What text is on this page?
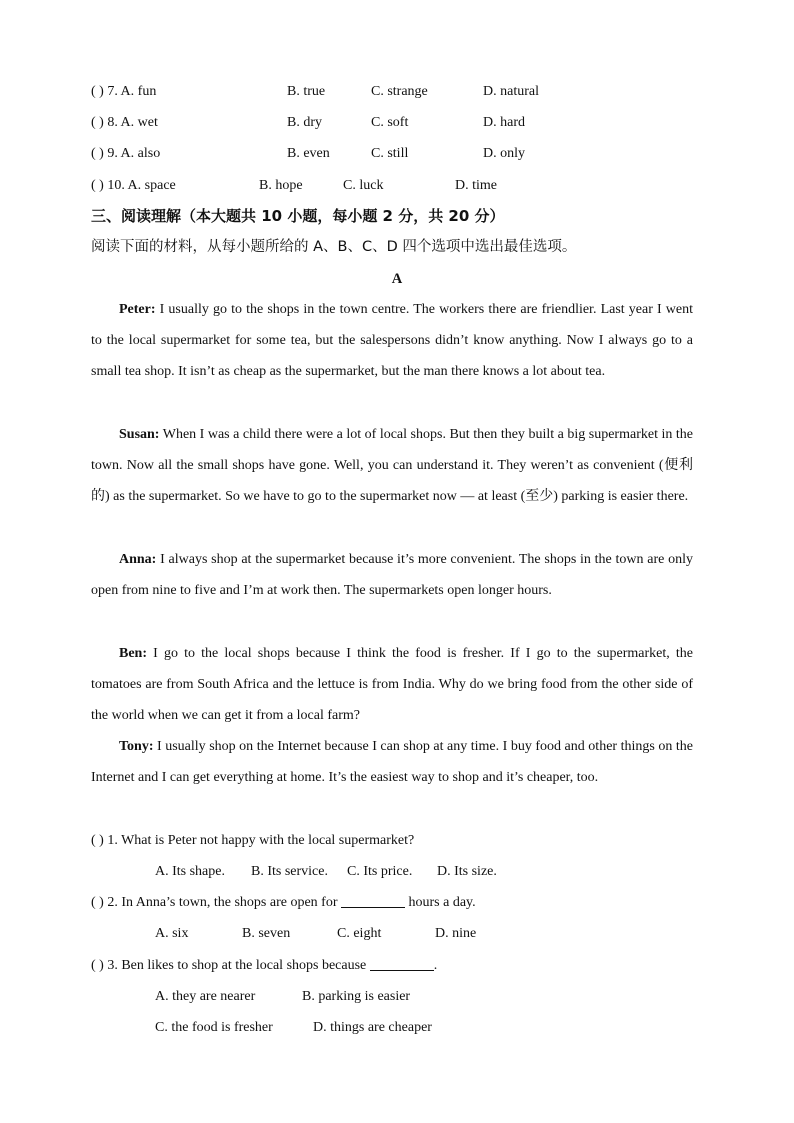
( ) 7. A. fun	B. true	C. strange	D. natural
( ) 8. A. wet	B. dry	C. soft	D. hard
( ) 9. A. also	B. even	C. still	D. only
( ) 10. A. space	B. hope	C. luck	D. time
三、阅读理解（本大题共 10 小题，每小题 2 分，共 20 分）
阅读下面的材料，从每小题所给的 A、B、C、D 四个选项中选出最佳选项。
A
Peter: I usually go to the shops in the town centre. The workers there are friendlier. Last year I went to the local supermarket for some tea, but the salespersons didn’t know anything. Now I always go to a small tea shop. It isn’t as cheap as the supermarket, but the man there knows a lot about tea.
Susan: When I was a child there were a lot of local shops. But then they built a big supermarket in the town. Now all the small shops have gone. Well, you can understand it. They weren’t as convenient (便利的) as the supermarket. So we have to go to the supermarket now — at least (至少) parking is easier there.
Anna: I always shop at the supermarket because it’s more convenient. The shops in the town are only open from nine to five and I’m at work then. The supermarkets open longer hours.
Ben: I go to the local shops because I think the food is fresher. If I go to the supermarket, the tomatoes are from South Africa and the lettuce is from India. Why do we bring food from the other side of the world when we can get it from a local farm?
Tony: I usually shop on the Internet because I can shop at any time. I buy food and other things on the Internet and I can get everything at home. It’s the easiest way to shop and it’s cheaper, too.
( ) 1. What is Peter not happy with the local supermarket?
A. Its shape. B. Its service. C. Its price. D. Its size.
( ) 2. In Anna’s town, the shops are open for	hours a day.
A. six	B. seven	C. eight	D. nine
( ) 3. Ben likes to shop at the local shops because	.
A. they are nearer	B. parking is easier
C. the food is fresher	D. things are cheaper
